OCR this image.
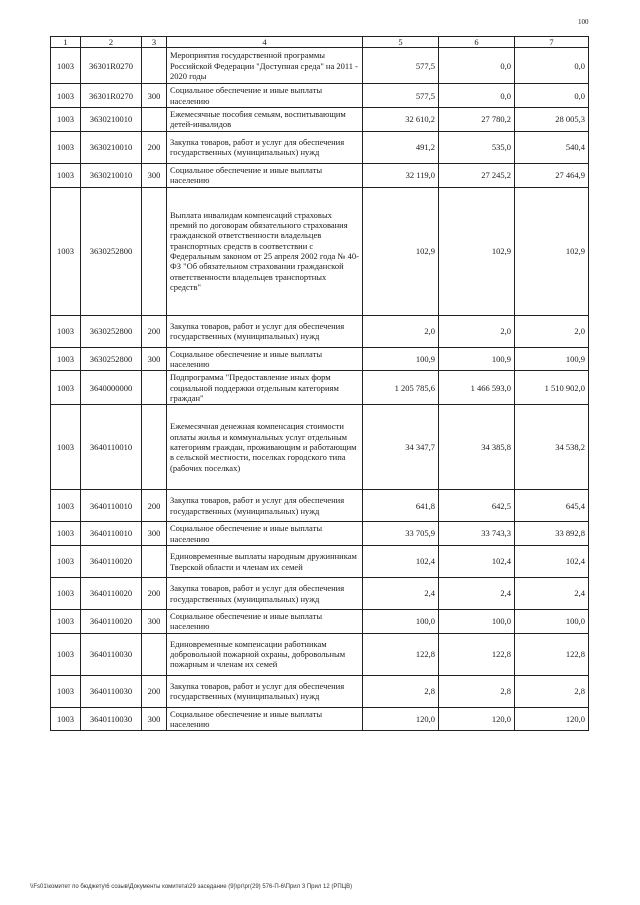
100
1	2	3	4	5	6	7
1003	36301R0270		Мероприятия государственной программы Российской Федерации "Доступная среда" на 2011 - 2020 годы	577,5	0,0	0,0
1003	36301R0270	300	Социальное обеспечение и иные выплаты населению	577,5	0,0	0,0
1003	3630210010		Ежемесячные пособия семьям, воспитывающим детей-инвалидов	32 610,2	27 780,2	28 005,3
1003	3630210010	200	Закупка товаров, работ и услуг для обеспечения государственных (муниципальных) нужд	491,2	535,0	540,4
1003	3630210010	300	Социальное обеспечение и иные выплаты населению	32 119,0	27 245,2	27 464,9
1003	3630252800		Выплата инвалидам компенсаций страховых премий по договорам обязательного страхования гражданской ответственности владельцев транспортных средств в соответствии с Федеральным законом от 25 апреля 2002 года № 40-ФЗ "Об обязательном страховании гражданской ответственности владельцев транспортных средств"	102,9	102,9	102,9
1003	3630252800	200	Закупка товаров, работ и услуг для обеспечения государственных (муниципальных) нужд	2,0	2,0	2,0
1003	3630252800	300	Социальное обеспечение и иные выплаты населению	100,9	100,9	100,9
1003	3640000000		Подпрограмма "Предоставление иных форм социальной поддержки отдельным категориям граждан"	1 205 785,6	1 466 593,0	1 510 902,0
1003	3640110010		Ежемесячная денежная компенсация стоимости оплаты жилья и коммунальных услуг отдельным категориям граждан, проживающим и работающим в сельской местности, поселках городского типа (рабочих поселках)	34 347,7	34 385,8	34 538,2
1003	3640110010	200	Закупка товаров, работ и услуг для обеспечения государственных (муниципальных) нужд	641,8	642,5	645,4
1003	3640110010	300	Социальное обеспечение и иные выплаты населению	33 705,9	33 743,3	33 892,8
1003	3640110020		Единовременные выплаты народным дружинникам Тверской области и членам их семей	102,4	102,4	102,4
1003	3640110020	200	Закупка товаров, работ и услуг для обеспечения государственных (муниципальных) нужд	2,4	2,4	2,4
1003	3640110020	300	Социальное обеспечение и иные выплаты населению	100,0	100,0	100,0
1003	3640110030		Единовременные компенсации работникам добровольной пожарной охраны, добровольным пожарным и членам их семей	122,8	122,8	122,8
1003	3640110030	200	Закупка товаров, работ и услуг для обеспечения государственных (муниципальных) нужд	2,8	2,8	2,8
1003	3640110030	300	Социальное обеспечение и иные выплаты населению	120,0	120,0	120,0
\\Fs01\комитет по бюджету\6 созыв\Документы комитета\29 заседание (9)\рг\рг(29) 576-П-6\Прил 3 Прил 12 (РПЦВ)
